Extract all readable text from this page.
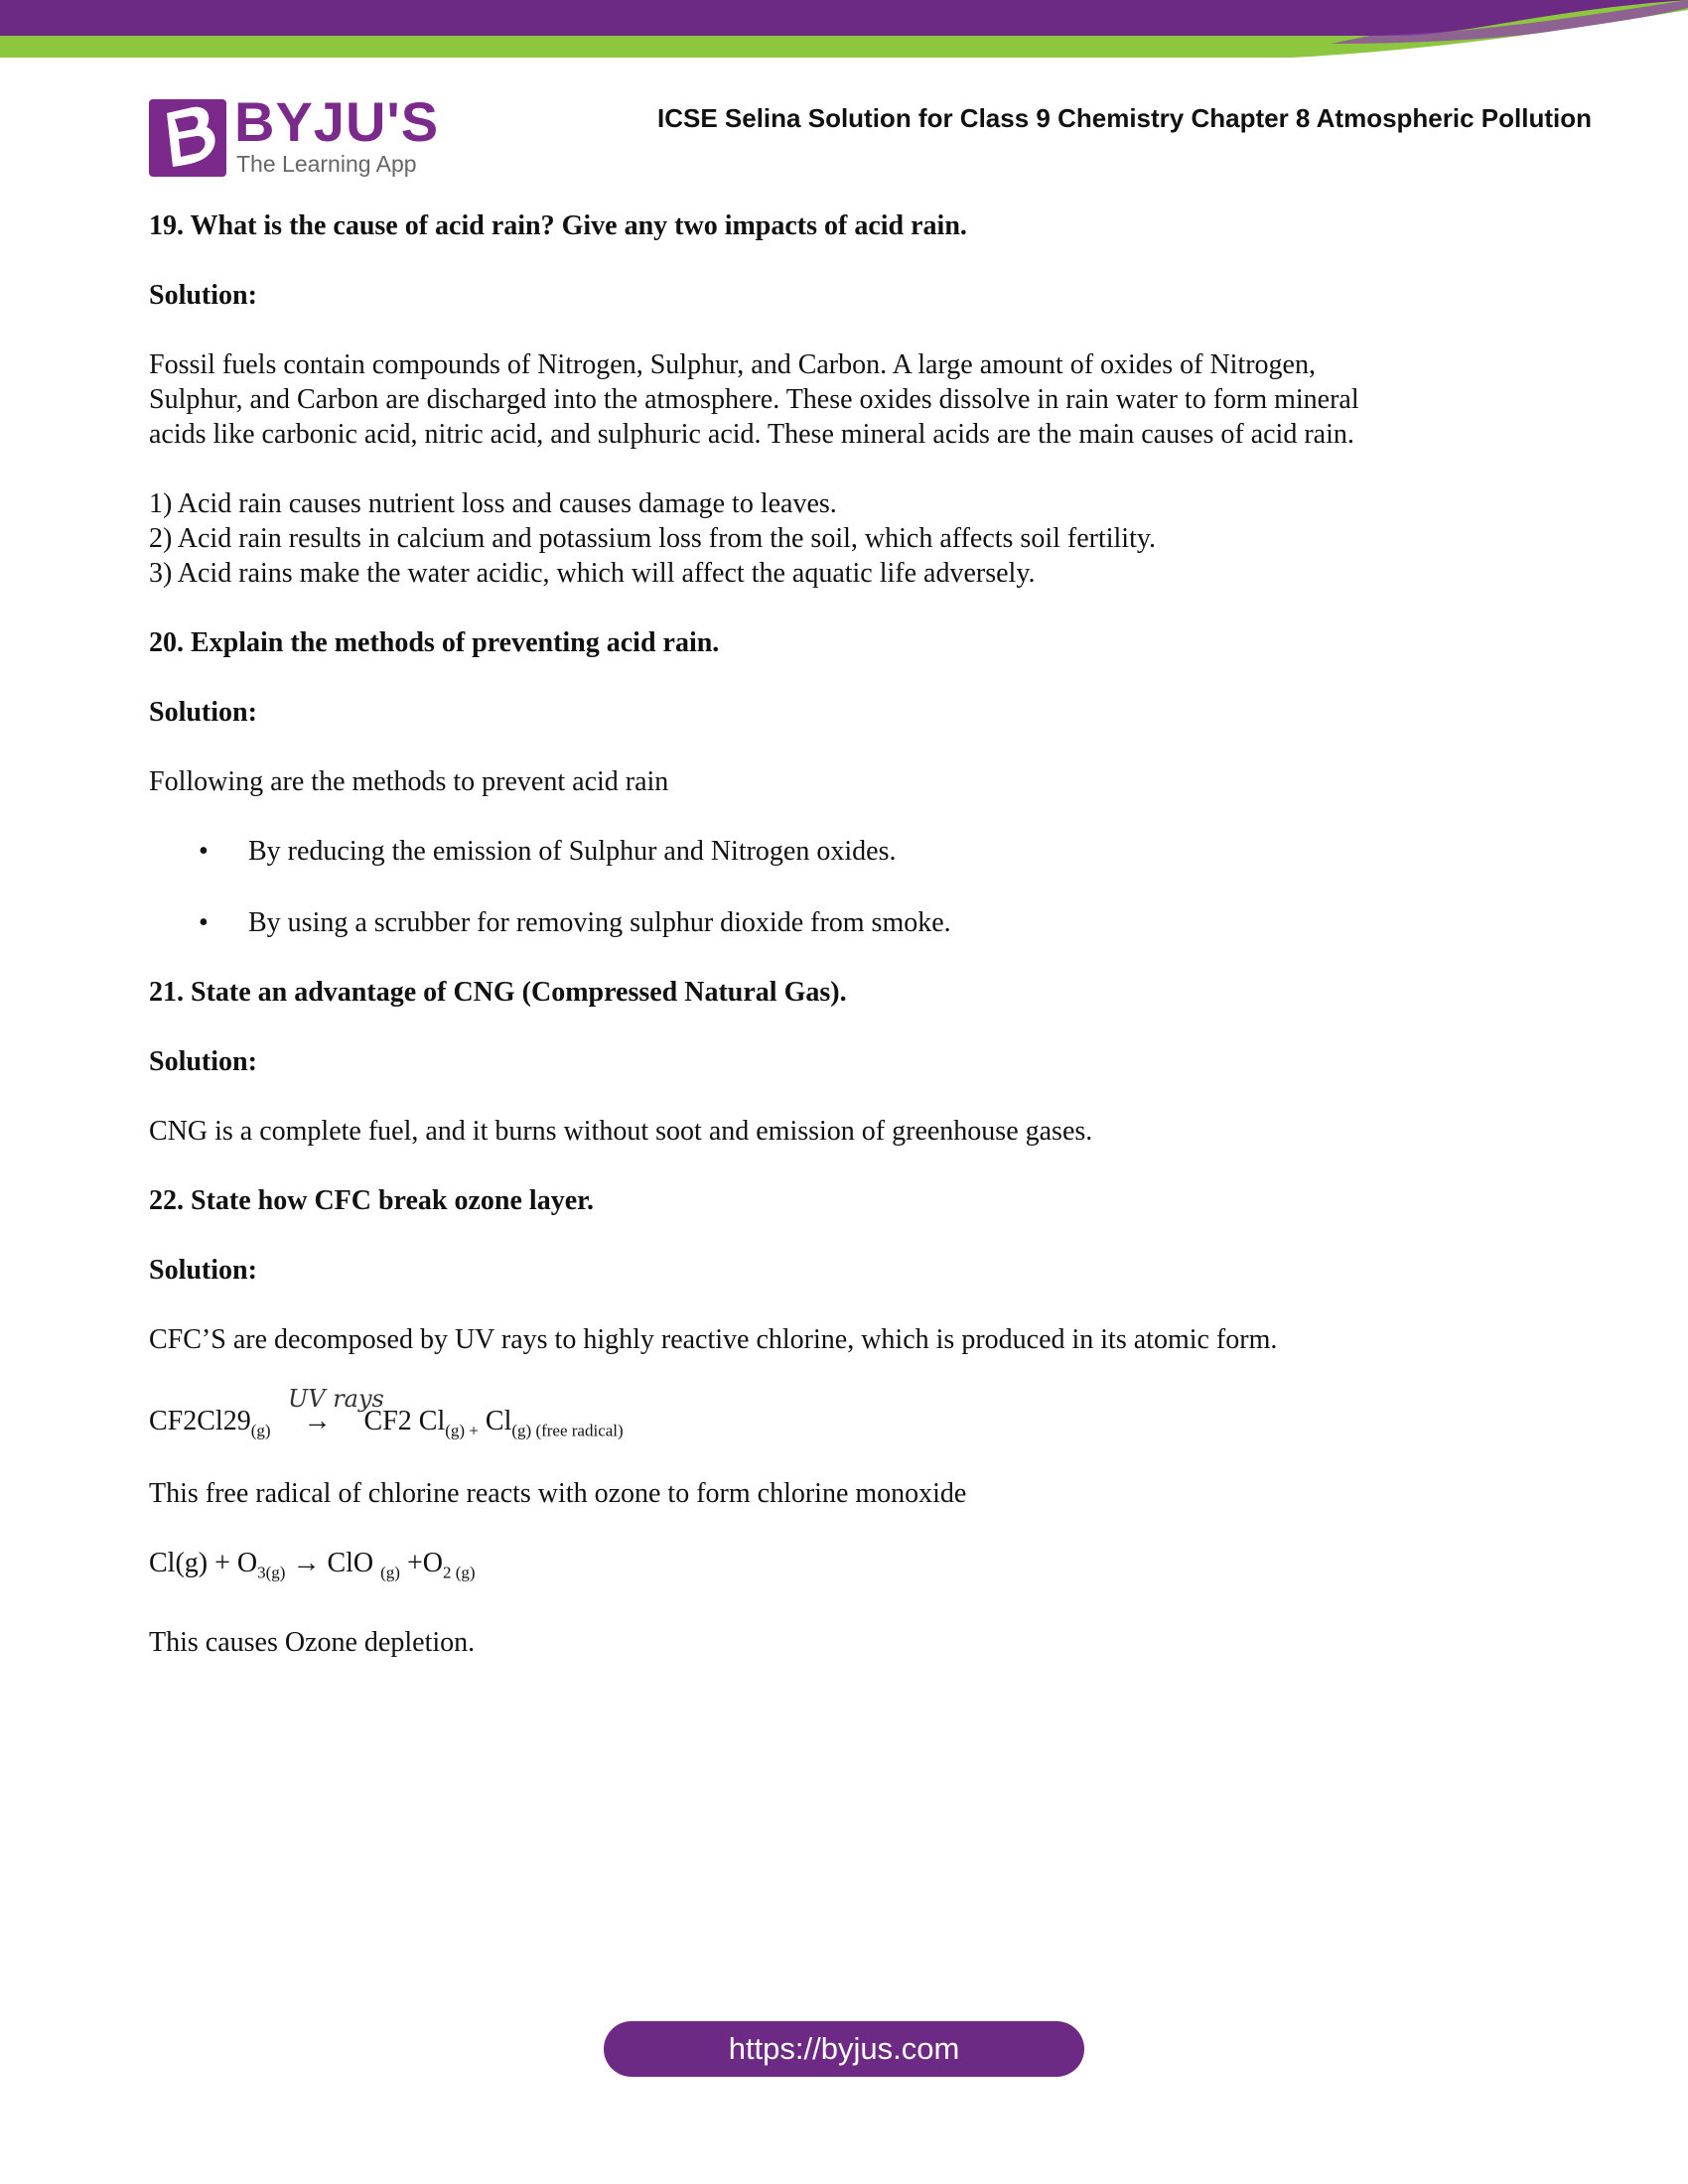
BYJU'S
The Learning App
ICSE Selina Solution for Class 9 Chemistry Chapter 8 Atmospheric Pollution
19. What is the cause of acid rain? Give any two impacts of acid rain.
Solution:

Fossil fuels contain compounds of Nitrogen, Sulphur, and Carbon. A large amount of oxides of Nitrogen,

Sulphur, and Carbon are discharged into the atmosphere. These oxides dissolve in rain water to form mineral

acids like carbonic acid, nitric acid, and sulphuric acid. These mineral acids are the main causes of acid rain.

1) Acid rain causes nutrient loss and causes damage to leaves.

2) Acid rain results in calcium and potassium loss from the soil, which affects soil fertility.

3) Acid rains make the water acidic, which will affect the aquatic life adversely.

20. Explain the methods of preventing acid rain.
Solution:

Following are the methods to prevent acid rain

• By reducing the emission of Sulphur and Nitrogen oxides.
• By using a scrubber for removing sulphur dioxide from smoke.
21. State an advantage of CNG (Compressed Natural Gas).
Solution:

CNG is a complete fuel, and it burns without soot and emission of greenhouse gases.

22. State how CFC break ozone layer.
Solution:

CFC’S are decomposed by UV rays to highly reactive chlorine, which is produced in its atomic form.

UV rays
$CF2Cl29_{(g)} \to CF2$ $Cl_{(g) +}$ $Cl_{(g) (free radical)}$

This free radical of chlorine reacts with ozone to form chlorine monoxide

$Cl(g) + O_{3(g)}$ → ClO $_{(g)} +O_{2 (g)}$

This causes Ozone depletion.

https://byjus.com
